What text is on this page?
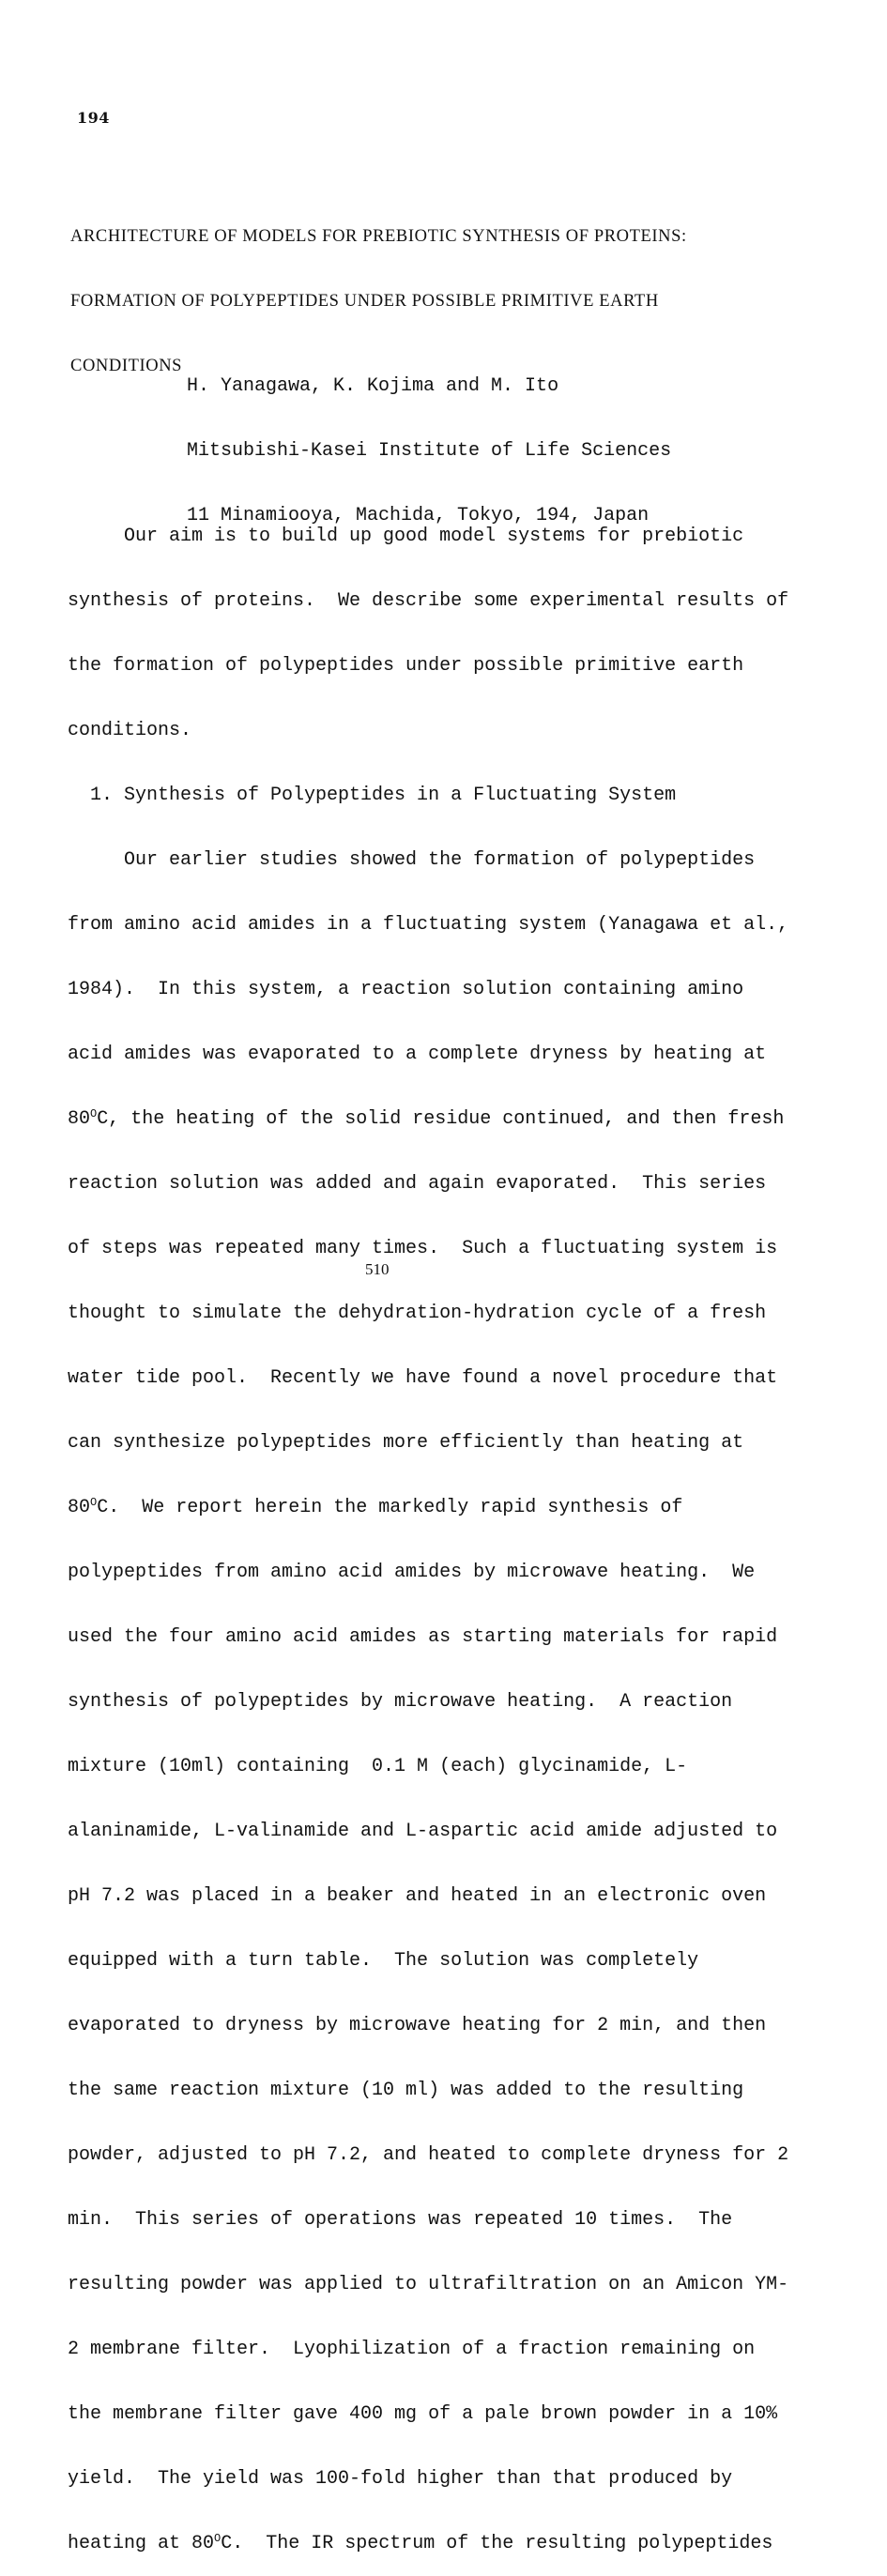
194

ARCHITECTURE OF MODELS FOR PREBIOTIC SYNTHESIS OF PROTEINS:

FORMATION OF POLYPEPTIDES UNDER POSSIBLE PRIMITIVE EARTH

CONDITIONS

H. Yanagawa, K. Kojima and M. Ito

Mitsubishi-Kasei Institute of Life Sciences

11 Minamiooya, Machida, Tokyo, 194, Japan

Our aim is to build up good model systems for prebiotic

synthesis of proteins.  We describe some experimental results of

the formation of polypeptides under possible primitive earth

conditions.

1. Synthesis of Polypeptides in a Fluctuating System

Our earlier studies showed the formation of polypeptides

from amino acid amides in a fluctuating system (Yanagawa et al.,

1984).  In this system, a reaction solution containing amino

acid amides was evaporated to a complete dryness by heating at

$80^OC$, the heating of the solid residue continued, and then fresh

reaction solution was added and again evaporated.  This series

of steps was repeated many times.  Such a fluctuating system is

thought to simulate the dehydration-hydration cycle of a fresh

water tide pool.  Recently we have found a novel procedure that

can synthesize polypeptides more efficiently than heating at

$80^OC$.  We report herein the markedly rapid synthesis of

polypeptides from amino acid amides by microwave heating.  We

used the four amino acid amides as starting materials for rapid

synthesis of polypeptides by microwave heating.  A reaction

mixture (10ml) containing  0.1 M (each) glycinamide, L-

alaninamide, L-valinamide and L-aspartic acid amide adjusted to

pH 7.2 was placed in a beaker and heated in an electronic oven

equipped with a turn table.  The solution was completely

evaporated to dryness by microwave heating for 2 min, and then

the same reaction mixture (10 ml) was added to the resulting

powder, adjusted to pH 7.2, and heated to complete dryness for 2

min.  This series of operations was repeated 10 times.  The

resulting powder was applied to ultrafiltration on an Amicon YM-

2 membrane filter.  Lyophilization of a fraction remaining on

the membrane filter gave 400 mg of a pale brown powder in a 10%

yield.  The yield was 100-fold higher than that produced by

heating at $80^OC$.  The IR spectrum of the resulting polypeptides

510
